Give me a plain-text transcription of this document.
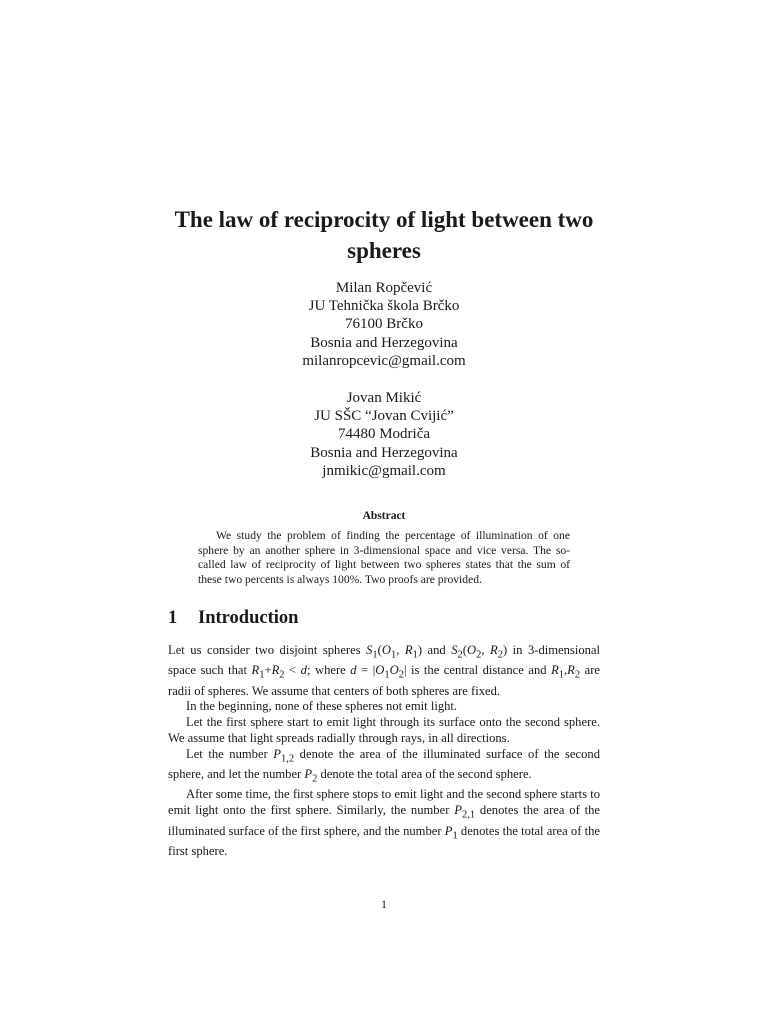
The law of reciprocity of light between two spheres
Milan Ropčević
JU Tehnička škola Brčko
76100 Brčko
Bosnia and Herzegovina
milanropcevic@gmail.com
Jovan Mikić
JU SŠC “Jovan Cvijić”
74480 Modriča
Bosnia and Herzegovina
jnmikic@gmail.com
Abstract

We study the problem of finding the percentage of illumination of one sphere by an another sphere in 3-dimensional space and vice versa. The so-called law of reciprocity of light between two spheres states that the sum of these two percents is always 100%. Two proofs are provided.

1 Introduction

Let us consider two disjoint spheres $S_1(O_1$, $R_1$) and $S_2(O_2$, $R_2$) in 3-dimensional space such that $R_1+R_2 < d$; where $d = |O_1O_2|$ is the central distance and $R_1,R_2$ are radii of spheres. We assume that centers of both spheres are fixed.

In the beginning, none of these spheres not emit light.

Let the first sphere start to emit light through its surface onto the second sphere. We assume that light spreads radially through rays, in all directions.

Let the number $P_{1,2}$ denote the area of the illuminated surface of the second sphere, and let the number $P_2$ denote the total area of the second sphere.

After some time, the first sphere stops to emit light and the second sphere starts to emit light onto the first sphere. Similarly, the number $P_{2,1}$ denotes the area of the illuminated surface of the first sphere, and the number $P_1$ denotes the total area of the first sphere.

1
